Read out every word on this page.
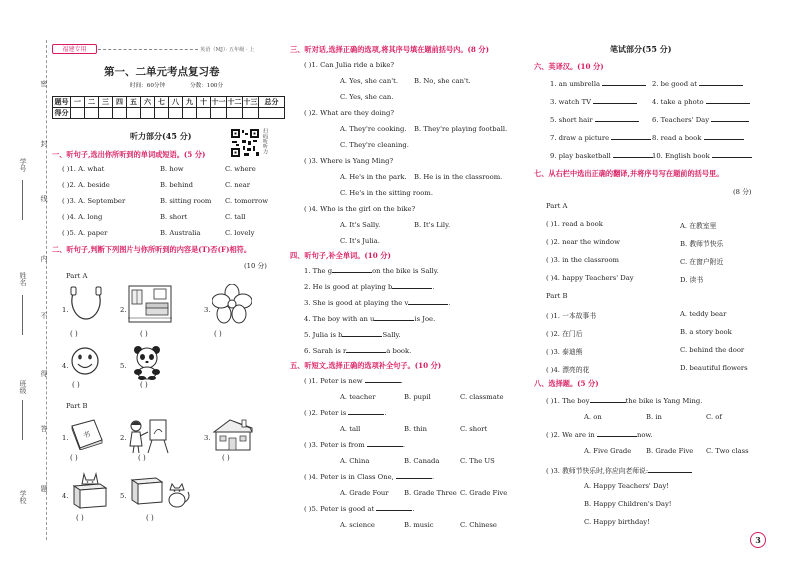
学号
姓名
班级
学校
密
封
线
内
不
得
答
题
福建专用	英语（MJ）· 五年级 · 上
第一、二单元考点复习卷
时间：60分钟	分数：100分
题号	一	二	三	四	五	六	七	八	九	十	十一	十二	十三	总分
得分														
听力部分(45 分)	扫码听听力
一、听句子,选出你所听到的单词或短语。(5 分)
( )1. A. what	B. how	C. where
( )2. A. beside	B. behind	C. near
( )3. A. September	B. sitting room C. tomorrow
( )4. A. long	B. short	C. tall
( )5. A. paper	B. Australia	C. lovely
二、听句子,判断下列图片与你所听到的内容是(T)否(F)相符。
(10 分)
Part A
1.
( )
2.
( )
3.
( )
4.
( )
5.
( )
Part B
1. 书
( )
2.
( )
3.
( )
4.
( )
5.
( )
三、听对话,选择正确的选项,将其序号填在题前括号内。(8 分)
( )1. Can Julia ride a bike?
A. Yes, she can't. B. No, she can't.
C. Yes, she can.
( )2. What are they doing?
A. They're cooking. B. They're playing football.
C. They're cleaning.
( )3. Where is Yang Ming?
A. He's in the park. B. He is in the classroom.
C. He's in the sitting room.
( )4. Who is the girl on the bike?
A. It's Sally.	B. It's Lily.
C. It's Julia.
四、听句子,补全单词。(10 分)
1. The g	on the bike is Sally.
2. He is good at playing b	.
3. She is good at playing the v	.
4. The boy with an u	is Joe.
5. Julia is b	Sally.
6. Sarah is r	a book.
五、听短文,选择正确的选项补全句子。(10 分)
( )1. Peter is new	.
A. teacher	B. pupil	C. classmate
( )2. Peter is	.
A. tall	B. thin	C. short
( )3. Peter is from	.
A. China	B. Canada	C. The US
( )4. Peter is in Class One,	.
A. Grade Four B. Grade Three C. Grade Five
( )5. Peter is good at	.
A. science	B. music	C. Chinese
笔试部分(55 分)
六、英译汉。(10 分)
1. an umbrella	2. be good at
3. watch TV	4. take a photo
5. short hair	6. Teachers' Day
7. draw a picture	8. read a book
9. play basketball	10. English book
七、从右栏中选出正确的翻译,并将序号写在题前的括号里。
(8 分)
Part A
( )1. read a book	A. 在教室里
( )2. near the window	B. 教师节快乐
( )3. in the classroom	C. 在窗户附近
( )4. happy Teachers' Day	D. 读书
Part B
( )1. 一本故事书	A. teddy bear
( )2. 在门后	B. a story book
( )3. 泰迪熊	C. behind the door
( )4. 漂亮的花	D. beautiful flowers
八、选择题。(5 分)
( )1. The boy	the bike is Yang Ming.
A. on	B. in	C. of
( )2. We are in	now.
A. Five Grade B. Grade Five C. Two class
( )3. 教师节快乐时,你应向老师说:
A. Happy Teachers' Day!
B. Happy Children's Day!
C. Happy birthday!
3
